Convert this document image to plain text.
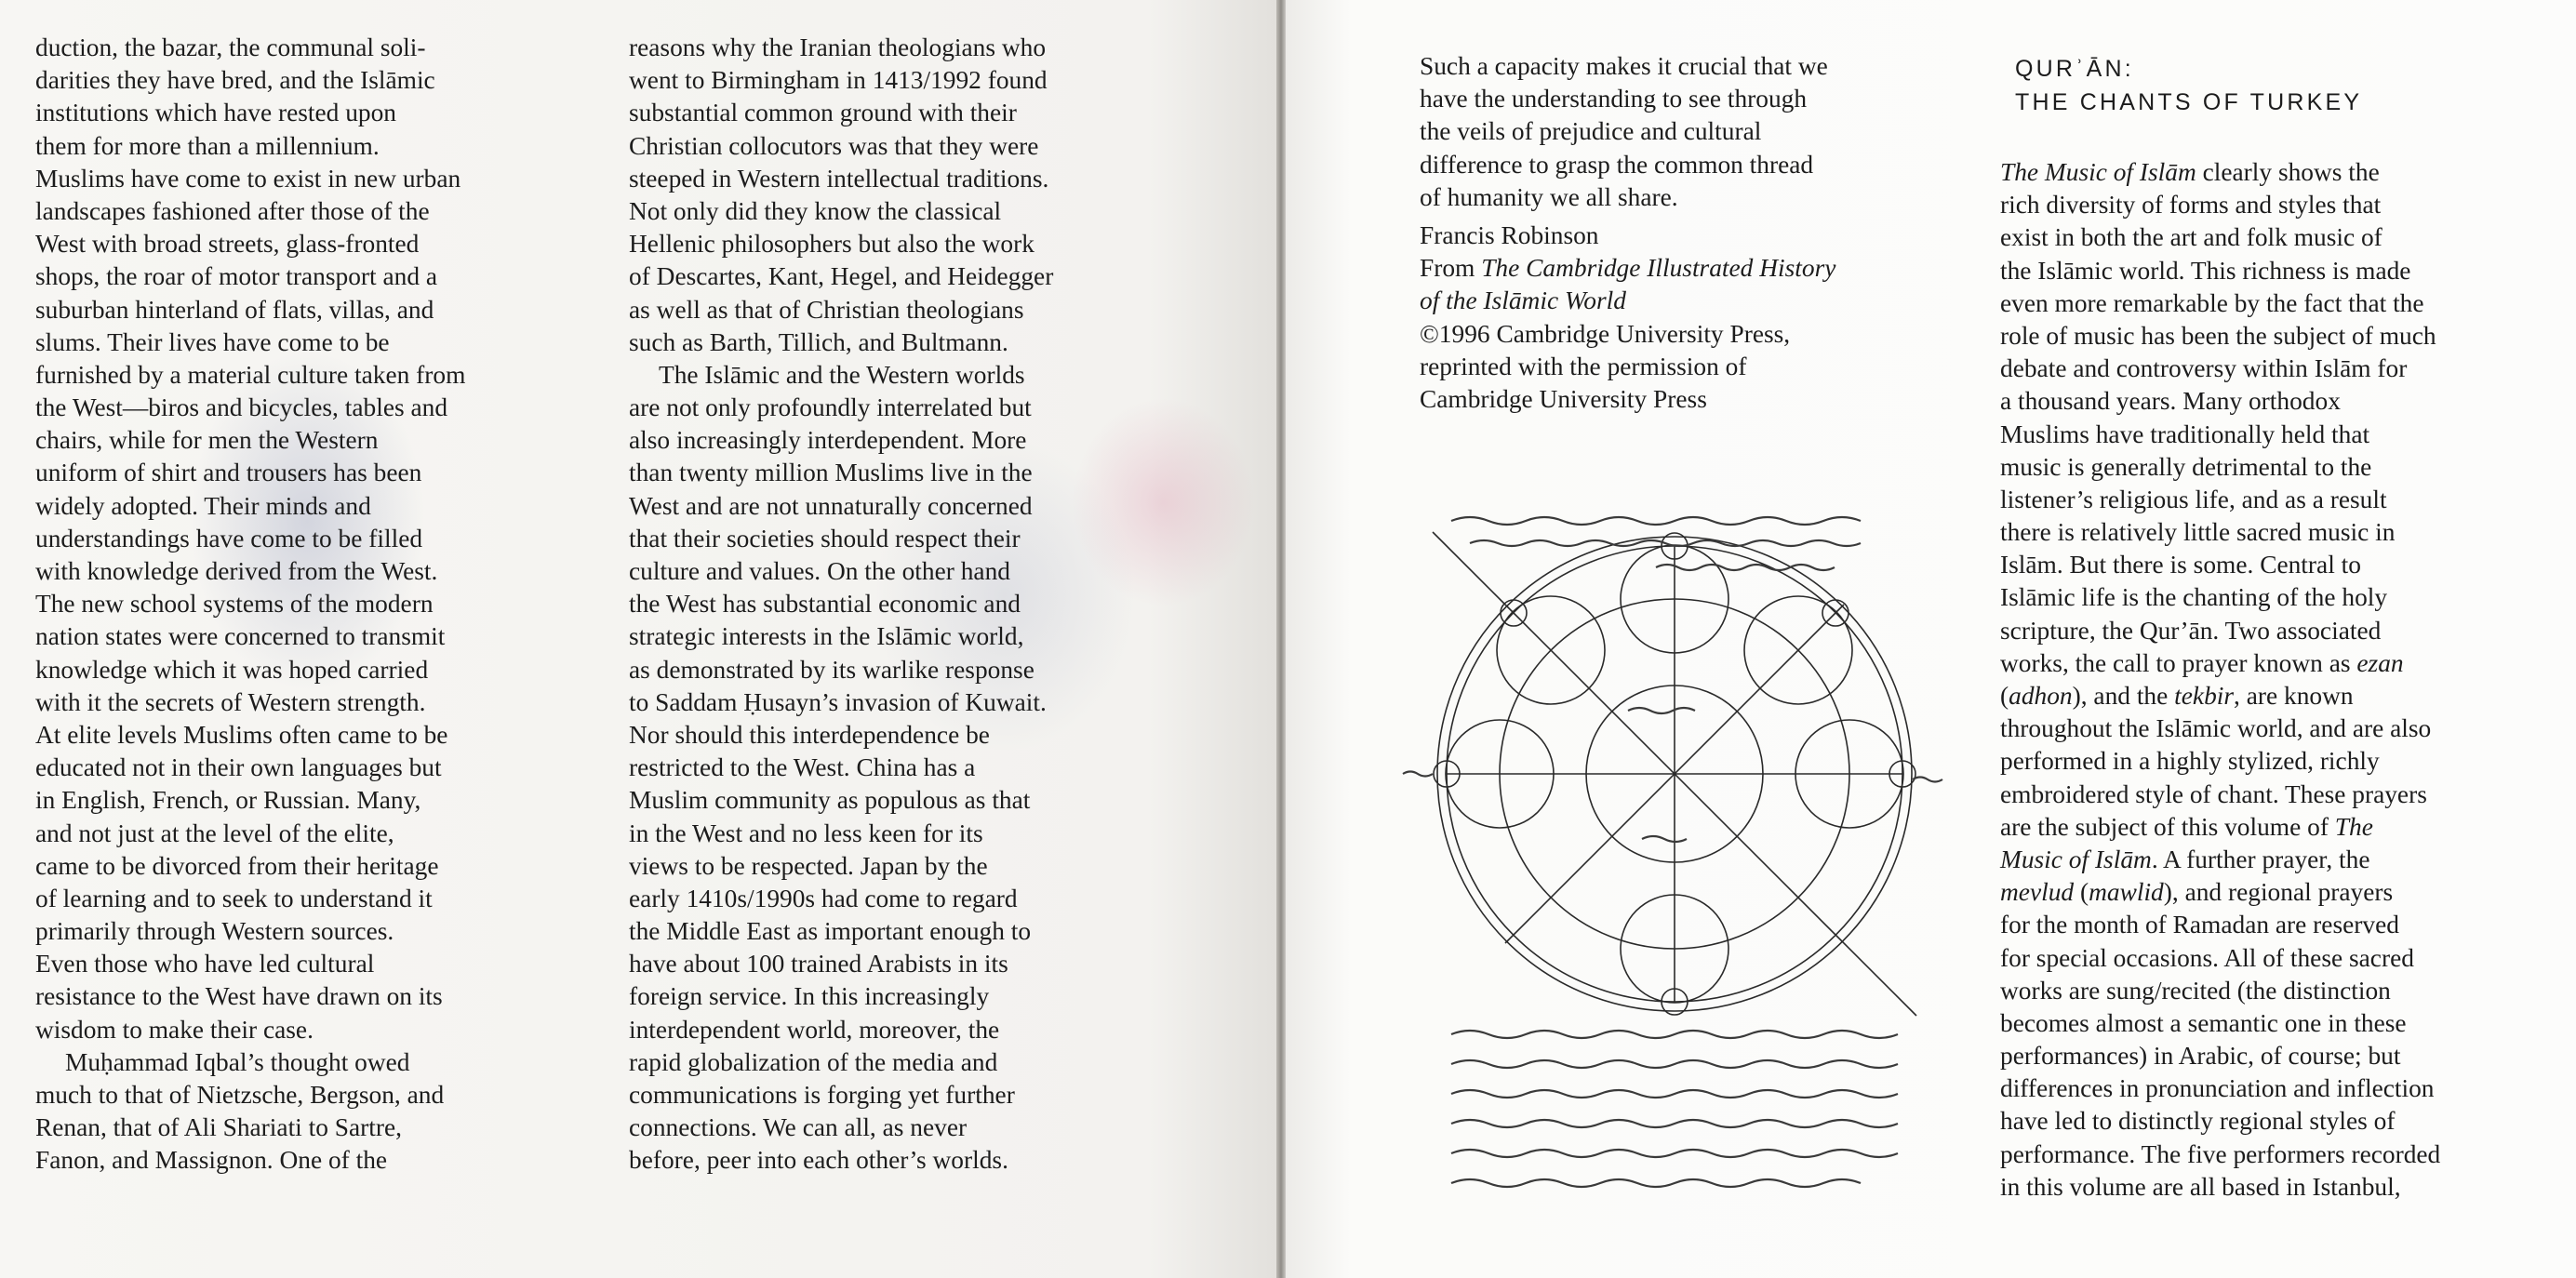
duction, the bazar, the communal soli-
darities they have bred, and the Islāmic
institutions which have rested upon
them for more than a millennium.
Muslims have come to exist in new urban
landscapes fashioned after those of the
West with broad streets, glass-fronted
shops, the roar of motor transport and a
suburban hinterland of flats, villas, and
slums. Their lives have come to be
furnished by a material culture taken from
the West—biros and bicycles, tables and
chairs, while for men the Western
uniform of shirt and trousers has been
widely adopted. Their minds and
understandings have come to be filled
with knowledge derived from the West.
The new school systems of the modern
nation states were concerned to transmit
knowledge which it was hoped carried
with it the secrets of Western strength.
At elite levels Muslims often came to be
educated not in their own languages but
in English, French, or Russian. Many,
and not just at the level of the elite,
came to be divorced from their heritage
of learning and to seek to understand it
primarily through Western sources.
Even those who have led cultural
resistance to the West have drawn on its
wisdom to make their case.
Muḥammad Iqbal’s thought owed
much to that of Nietzsche, Bergson, and
Renan, that of Ali Shariati to Sartre,
Fanon, and Massignon. One of the
reasons why the Iranian theologians who
went to Birmingham in 1413/1992 found
substantial common ground with their
Christian collocutors was that they were
steeped in Western intellectual traditions.
Not only did they know the classical
Hellenic philosophers but also the work
of Descartes, Kant, Hegel, and Heidegger
as well as that of Christian theologians
such as Barth, Tillich, and Bultmann.
The Islāmic and the Western worlds
are not only profoundly interrelated but
also increasingly interdependent. More
than twenty million Muslims live in the
West and are not unnaturally concerned
that their societies should respect their
culture and values. On the other hand
the West has substantial economic and
strategic interests in the Islāmic world,
as demonstrated by its warlike response
to Saddam Ḥusayn’s invasion of Kuwait.
Nor should this interdependence be
restricted to the West. China has a
Muslim community as populous as that
in the West and no less keen for its
views to be respected. Japan by the
early 1410s/1990s had come to regard
the Middle East as important enough to
have about 100 trained Arabists in its
foreign service. In this increasingly
interdependent world, moreover, the
rapid globalization of the media and
communications is forging yet further
connections. We can all, as never
before, peer into each other’s worlds.
Such a capacity makes it crucial that we
have the understanding to see through
the veils of prejudice and cultural
difference to grasp the common thread
of humanity we all share.
Francis Robinson
From The Cambridge Illustrated History
of the Islāmic World
©1996 Cambridge University Press,
reprinted with the permission of
Cambridge University Press
QURʾĀN:
THE CHANTS OF TURKEY
The Music of Islām clearly shows the
rich diversity of forms and styles that
exist in both the art and folk music of
the Islāmic world. This richness is made
even more remarkable by the fact that the
role of music has been the subject of much
debate and controversy within Islām for
a thousand years. Many orthodox
Muslims have traditionally held that
music is generally detrimental to the
listener’s religious life, and as a result
there is relatively little sacred music in
Islām. But there is some. Central to
Islāmic life is the chanting of the holy
scripture, the Qur’ān. Two associated
works, the call to prayer known as ezan
(adhon), and the tekbir, are known
throughout the Islāmic world, and are also
performed in a highly stylized, richly
embroidered style of chant. These prayers
are the subject of this volume of The
Music of Islām. A further prayer, the
mevlud (mawlid), and regional prayers
for the month of Ramadan are reserved
for special occasions. All of these sacred
works are sung/recited (the distinction
becomes almost a semantic one in these
performances) in Arabic, of course; but
differences in pronunciation and inflection
have led to distinctly regional styles of
performance. The five performers recorded
in this volume are all based in Istanbul,
